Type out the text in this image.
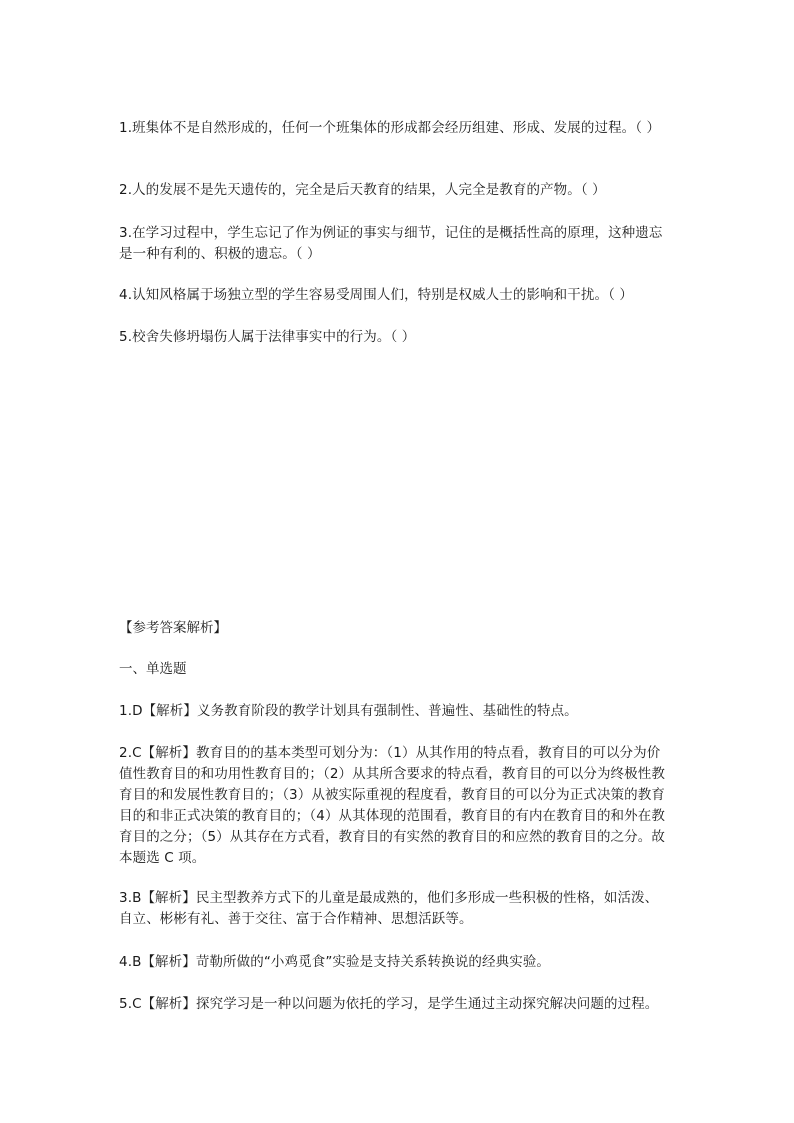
1.班集体不是自然形成的，任何一个班集体的形成都会经历组建、形成、发展的过程。（ ）

2.人的发展不是先天遗传的，完全是后天教育的结果，人完全是教育的产物。（ ）

3.在学习过程中，学生忘记了作为例证的事实与细节，记住的是概括性高的原理，这种遗忘是一种有利的、积极的遗忘。（ ）

4.认知风格属于场独立型的学生容易受周围人们，特别是权威人士的影响和干扰。（ ）

5.校舍失修坍塌伤人属于法律事实中的行为。（ ）

【参考答案解析】

一、单选题

1.D【解析】义务教育阶段的教学计划具有强制性、普遍性、基础性的特点。

2.C【解析】教育目的的基本类型可划分为：（1）从其作用的特点看，教育目的可以分为价值性教育目的和功用性教育目的；（2）从其所含要求的特点看，教育目的可以分为终极性教育目的和发展性教育目的；（3）从被实际重视的程度看，教育目的可以分为正式决策的教育目的和非正式决策的教育目的；（4）从其体现的范围看，教育目的有内在教育目的和外在教育目的之分；（5）从其存在方式看，教育目的有实然的教育目的和应然的教育目的之分。故本题选 C 项。

3.B【解析】民主型教养方式下的儿童是最成熟的，他们多形成一些积极的性格，如活泼、自立、彬彬有礼、善于交往、富于合作精神、思想活跃等。

4.B【解析】苛勒所做的“小鸡觅食”实验是支持关系转换说的经典实验。

5.C【解析】探究学习是一种以问题为依托的学习，是学生通过主动探究解决问题的过程。
